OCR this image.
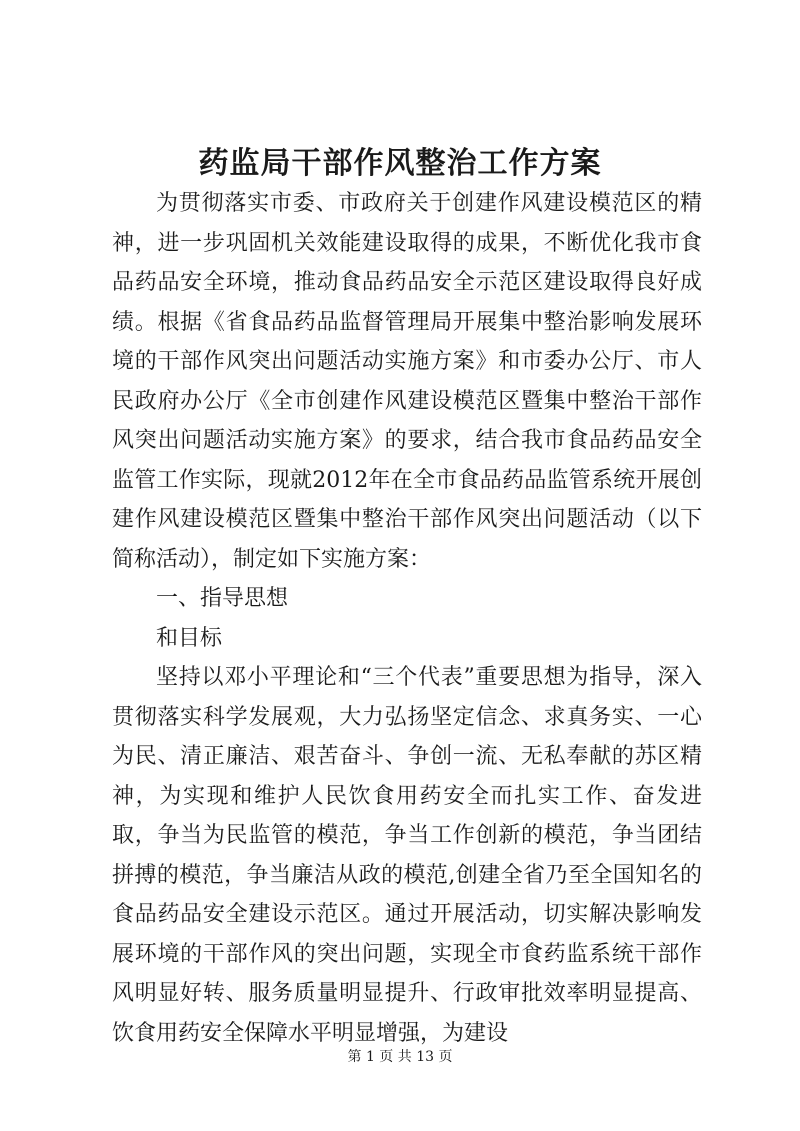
药监局干部作风整治工作方案

为贯彻落实市委、市政府关于创建作风建设模范区的精神，进一步巩固机关效能建设取得的成果，不断优化我市食品药品安全环境，推动食品药品安全示范区建设取得良好成绩。根据《省食品药品监督管理局开展集中整治影响发展环境的干部作风突出问题活动实施方案》和市委办公厅、市人民政府办公厅《全市创建作风建设模范区暨集中整治干部作风突出问题活动实施方案》的要求，结合我市食品药品安全监管工作实际，现就2012年在全市食品药品监管系统开展创建作风建设模范区暨集中整治干部作风突出问题活动（以下简称活动），制定如下实施方案：

一、指导思想

和目标

坚持以邓小平理论和“三个代表”重要思想为指导，深入贯彻落实科学发展观，大力弘扬坚定信念、求真务实、一心为民、清正廉洁、艰苦奋斗、争创一流、无私奉献的苏区精神，为实现和维护人民饮食用药安全而扎实工作、奋发进取，争当为民监管的模范，争当工作创新的模范，争当团结拼搏的模范，争当廉洁从政的模范,创建全省乃至全国知名的食品药品安全建设示范区。通过开展活动，切实解决影响发展环境的干部作风的突出问题，实现全市食药监系统干部作风明显好转、服务质量明显提升、行政审批效率明显提高、饮食用药安全保障水平明显增强，为建设

第 1 页 共 13 页
